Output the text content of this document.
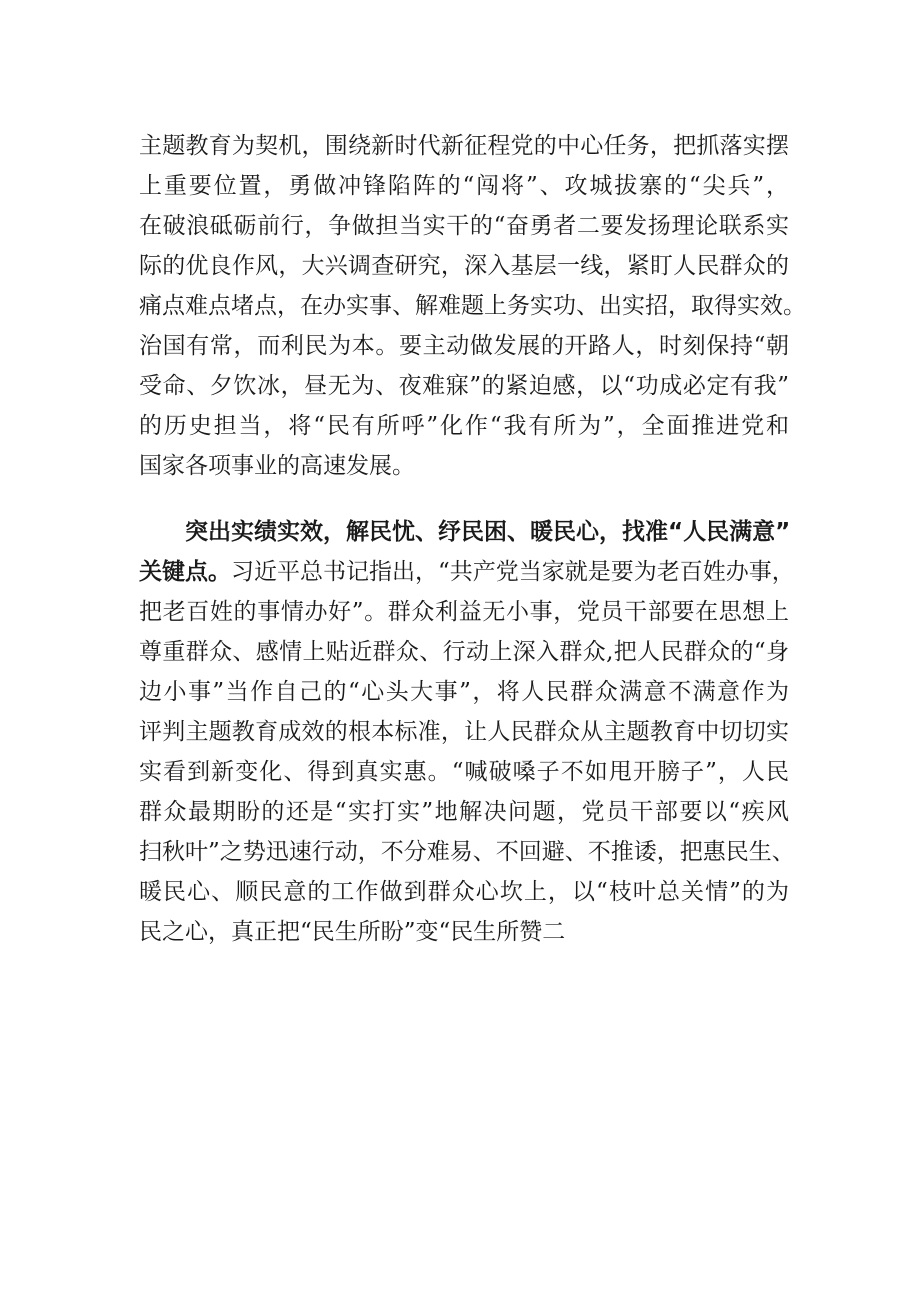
主题教育为契机，围绕新时代新征程党的中心任务，把抓落实摆
上重要位置，勇做冲锋陷阵的“闯将”、攻城拔寨的“尖兵”，
在破浪砥砺前行，争做担当实干的“奋勇者二要发扬理论联系实
际的优良作风，大兴调查研究，深入基层一线，紧盯人民群众的
痛点难点堵点，在办实事、解难题上务实功、出实招，取得实效。
治国有常，而利民为本。要主动做发展的开路人，时刻保持“朝
受命、夕饮冰，昼无为、夜难寐”的紧迫感，以“功成必定有我”
的历史担当，将“民有所呼”化作“我有所为”，全面推进党和
国家各项事业的高速发展。
突出实绩实效，解民忧、纾民困、暖民心，找准“人民满意”
关键点。习近平总书记指出，“共产党当家就是要为老百姓办事，
把老百姓的事情办好”。群众利益无小事，党员干部要在思想上
尊重群众、感情上贴近群众、行动上深入群众,把人民群众的“身
边小事”当作自己的“心头大事”，将人民群众满意不满意作为
评判主题教育成效的根本标准，让人民群众从主题教育中切切实
实看到新变化、得到真实惠。“喊破嗓子不如甩开膀子”，人民
群众最期盼的还是“实打实”地解决问题，党员干部要以“疾风
扫秋叶”之势迅速行动，不分难易、不回避、不推诿，把惠民生、
暖民心、顺民意的工作做到群众心坎上，以“枝叶总关情”的为
民之心，真正把“民生所盼”变“民生所赞二
